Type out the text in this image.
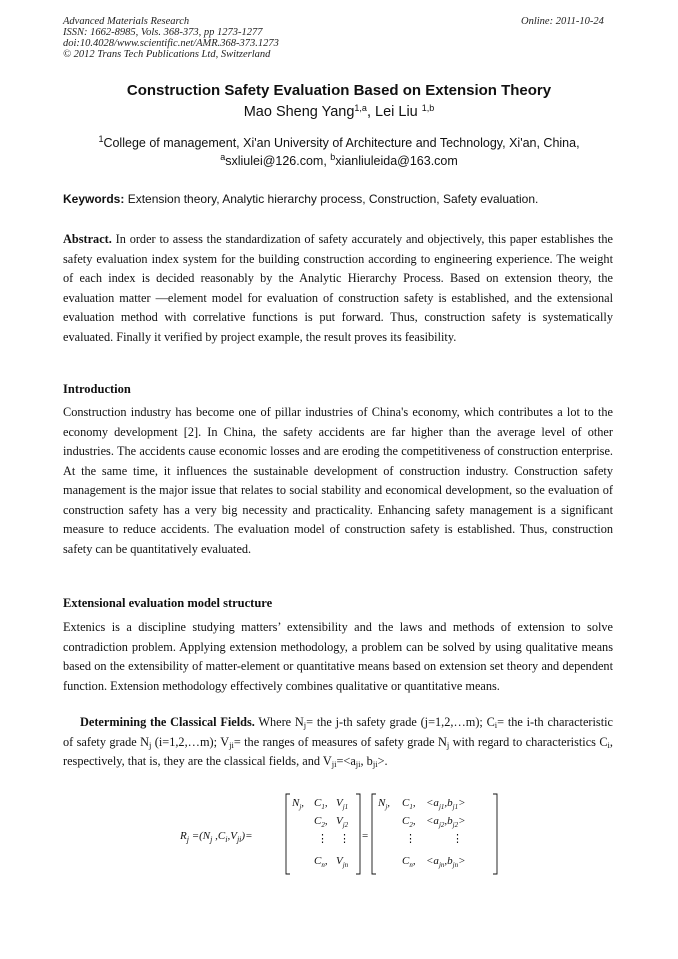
Advanced Materials Research
ISSN: 1662-8985, Vols. 368-373, pp 1273-1277
doi:10.4028/www.scientific.net/AMR.368-373.1273
© 2012 Trans Tech Publications Ltd, Switzerland
Online: 2011-10-24
Construction Safety Evaluation Based on Extension Theory
Mao Sheng Yang$^{1,a}$, Lei Liu $^{1,b}$
$^1$College of management, Xi'an University of Architecture and Technology, Xi'an, China,
$^a$sxliulei@126.com, $^b$xianliuleida@163.com
Keywords: Extension theory, Analytic hierarchy process, Construction, Safety evaluation.
Abstract. In order to assess the standardization of safety accurately and objectively, this paper establishes the safety evaluation index system for the building construction according to engineering experience. The weight of each index is decided reasonably by the Analytic Hierarchy Process. Based on extension theory, the evaluation matter —element model for evaluation of construction safety is established, and the extensional evaluation method with correlative functions is put forward. Thus, construction safety is systematically evaluated. Finally it verified by project example, the result proves its feasibility.
Introduction
Construction industry has become one of pillar industries of China's economy, which contributes a lot to the economy development [2]. In China, the safety accidents are far higher than the average level of other industries. The accidents cause economic losses and are eroding the competitiveness of construction enterprise. At the same time, it influences the sustainable development of construction industry. Construction safety management is the major issue that relates to social stability and economical development, so the evaluation of construction safety has a very big necessity and practicality. Enhancing safety management is a significant measure to reduce accidents. The evaluation model of construction safety is established. Thus, construction safety can be quantitatively evaluated.
Extensional evaluation model structure
Extenics is a discipline studying matters’ extensibility and the laws and methods of extension to solve contradiction problem. Applying extension methodology, a problem can be solved by using qualitative means based on the extensibility of matter-element or quantitative means based on extension set theory and dependent function. Extension methodology effectively combines qualitative or quantitative means.
Determining the Classical Fields. Where $N_j=$ the j-th safety grade (j=1,2,…m); $C_i=$ the i-th characteristic of safety grade $N_j$ (i=1,2,…m); $V_{ji}=$ the ranges of measures of safety grade $N_j$ with regard to characteristics $C_i$, respectively, that is, they are the classical fields, and $V_{ji}=<a_{ji}$, $b_{ji}>$.
$R_j =(N_j$ $,C_i,V_{ji})=$
$N_j$, $C_1$, $V_{j1}$
$C_2$, $V_{j2}$
⋮ ⋮
$C_n$, $V_{jn}$
=
$N_j$, $C_1$, $<a_{j1},b_{j1}>$
$C_2$, $<a_{j2},b_{j2}>$
⋮	⋮
$C_n$, $<a_{jn},b_{jn}>$
